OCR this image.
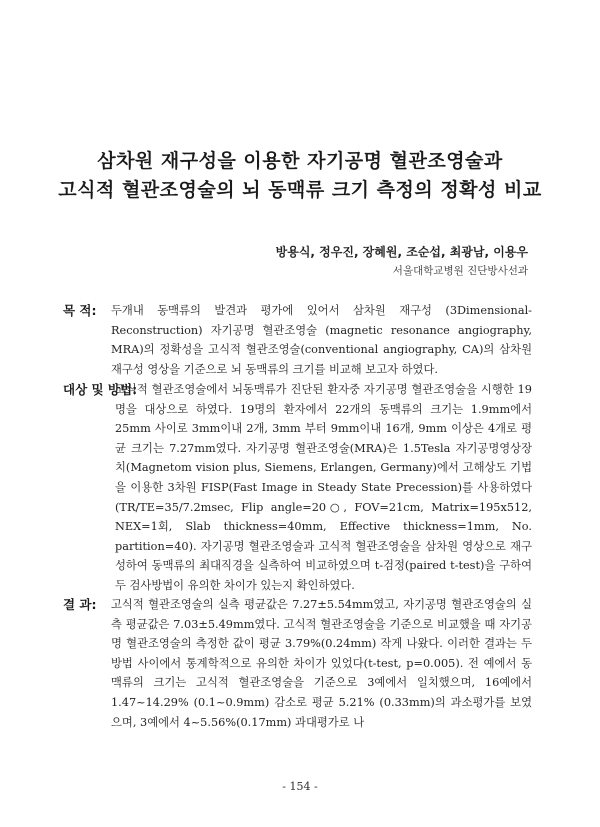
삼차원 재구성을 이용한 자기공명 혈관조영술과
고식적 혈관조영술의 뇌 동맥류 크기 측정의 정확성 비교
방용식, 정우진, 장혜원, 조순섭, 최광남, 이용우
서울대학교병원 진단방사선과
목 적: 두개내 동맥류의 발견과 평가에 있어서 삼차원 재구성 (3Dimensional-Reconstruction) 자기공명 혈관조영술 (magnetic resonance angiography, MRA)의 정확성을 고식적 혈관조영술(conventional angiography, CA)의 삼차원 재구성 영상을 기준으로 뇌 동맥류의 크기를 비교해 보고자 하였다.
대상 및 방법:
고식적 혈관조영술에서 뇌동맥류가 진단된 환자중 자기공명 혈관조영술을 시행한 19명을 대상으로 하였다. 19명의 환자에서 22개의 동맥류의 크기는 1.9mm에서 25mm 사이로 3mm이내 2개, 3mm 부터 9mm이내 16개, 9mm 이상은 4개로 평균 크기는 7.27mm였다. 자기공명 혈관조영술(MRA)은 1.5Tesla 자기공명영상장치(Magnetom vision plus, Siemens, Erlangen, Germany)에서 고해상도 기법을 이용한 3차원 FISP(Fast Image in Steady State Precession)를 사용하였다(TR/TE=35/7.2msec, Flip angle=20○, FOV=21cm, Matrix=195x512, NEX=1회, Slab thickness=40mm, Effective thickness=1mm, No. partition=40). 자기공명 혈관조영술과 고식적 혈관조영술을 삼차원 영상으로 재구성하여 동맥류의 최대직경을 실측하여 비교하였으며 t-검정(paired t-test)을 구하여 두 검사방법이 유의한 차이가 있는지 확인하였다.
결 과: 고식적 혈관조영술의 실측 평균값은 7.27±5.54mm였고, 자기공명 혈관조영술의 실측 평균값은 7.03±5.49mm였다. 고식적 혈관조영술을 기준으로 비교했을 때 자기공명 혈관조영술의 측정한 값이 평균 3.79%(0.24mm) 작게 나왔다. 이러한 결과는 두 방법 사이에서 통계학적으로 유의한 차이가 있었다(t-test, p=0.005). 전 예에서 동맥류의 크기는 고식적 혈관조영술을 기준으로 3예에서 일치했으며, 16예에서 1.47~14.29% (0.1~0.9mm) 감소로 평균 5.21% (0.33mm)의 과소평가를 보였으며, 3예에서 4~5.56%(0.17mm) 과대평가로 나
- 154 -
